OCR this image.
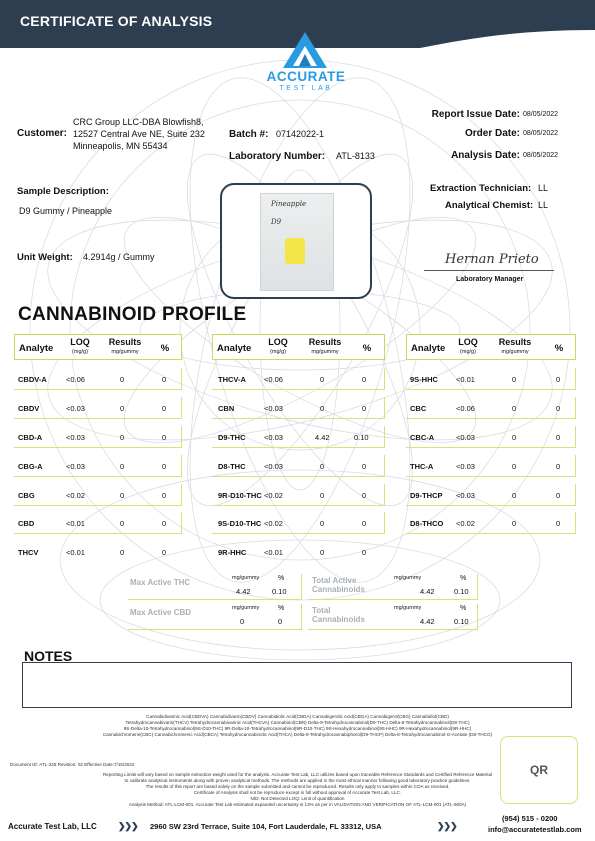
CERTIFICATE OF ANALYSIS
ACCURATE
TEST LAB
Customer:
CRC Group LLC-DBA Blowfish8,
12527 Central Ave NE, Suite 232
Minneapolis, MN 55434
Batch #: 07142022-1
Laboratory Number: ATL-8133
Report Issue Date: 08/05/2022
Order Date: 08/05/2022
Analysis Date: 08/05/2022
Sample Description:
D9 Gummy / Pineapple
Unit Weight: 4.2914g / Gummy
Pineapple
D9
Extraction Technician: LL
Analytical Chemist: LL
Hernan Prieto
Laboratory Manager
CANNABINOID PROFILE
Analyte
LOQ
(mg/g)
Results
mg/gummy	%	Analyte
LOQ
(mg/g)
Results
mg/gummy	%	Analyte
LOQ
(mg/g)
Results
mg/gummy	%
CBDV-A	<0.06	0	0
CBDV	<0.03	0	0
CBD-A	<0.03	0	0
CBG-A	<0.03	0	0
CBG	<0.02	0	0
CBD	<0.01	0	0
THCV	<0.01	0	0
THCV-A <0.06	0	0
CBN	<0.03	0	0
D9-THC <0.03	4.42	0.10
D8-THC <0.03	0	0
9R-D10-THC <0.02	0	0
9S-D10-THC <0.02	0	0
9R-HHC <0.01	0	0
9S-HHC <0.01	0	0
CBC	<0.06	0	0
CBC-A	<0.03	0	0
THC-A	<0.03	0	0
D9-THCP <0.03	0	0
D8-THCO <0.02	0	0
Max Active THC	mg/gummy	%
4.42	0.10
Max Active CBD	mg/gummy	%
0	0
Total Active
Cannabinoids
mg/gummy	%
4.42	0.10
Total
Cannabinoids
mg/gummy	%
4.42	0.10
NOTES
Cannabidivarinic Acid(CBDVA) Cannabidivarin(CBDV) Cannabidiolic Acid(CBDA) Cannabigerolic Acid(CBGA) Cannabigerol(CBG) Cannabidiol(CBD)
Tetrahydrocannabivarin(THCV) Tetrahydrocannabivarinic Acid(THCVA) Cannabinol(CBN) Delta-9-Tetrahydrocannabinol(D9-THC) Delta-8-Tetrahydrocannabinol(D8-THC)
9S-Delta-10-Tetrahydrocannabinol(9S-D10-THC) 9R-Delta-10-Tetrahydrocannabinol(9R-D10-THC) 9S-Hexahydrocannabinol(9S-HHC) 9R-Hexahydrocannabinol(9R-HHC)
Cannabichromene(CBC) Cannabichromenic Acid(CBCA) Tetrahydrocannabinolic Acid(THCA) Delta-9-Tetrahydrocannabiphorol(D9-THCP) Delta-8-Tetrahydrocannabinol-O-Acetate (D8-THCO)
Document ID: ATL-225 Revision: 02 Effective Date:7/15/2022
Reporting Limits will vary based on sample extraction weight used for the analysis. Accurate Test Lab, LLC utilizes based upon traceable Reference Standards and Certified Reference Material
to calibrate analytical instruments along with proven analytical methods. The methods are applied in the most ethical manner following good laboratory practice guidelines.
The results of this report are based solely on the sample submitted and cannot be reproduced. Results only apply to samples within COA as received.
Certificate of Analysis shall not be reproduce except in full without approval of Accurate Test Lab, LLC.
N/D: Not Detected LOQ: Limit of quantification
Analysis Method: ATL-LCM-001. Accurate Test Lab estimated expanded uncertainty is 13% as per in VALIDATION AND VERIFICATION OF ATL-LCM-001 (ATL-500A)
QR
Accurate Test Lab, LLC ❯❯❯ 2960 SW 23rd Terrace, Suite 104, Fort Lauderdale, FL 33312, USA	❯❯❯
(954) 515 - 0200
info@accuratetestlab.com
